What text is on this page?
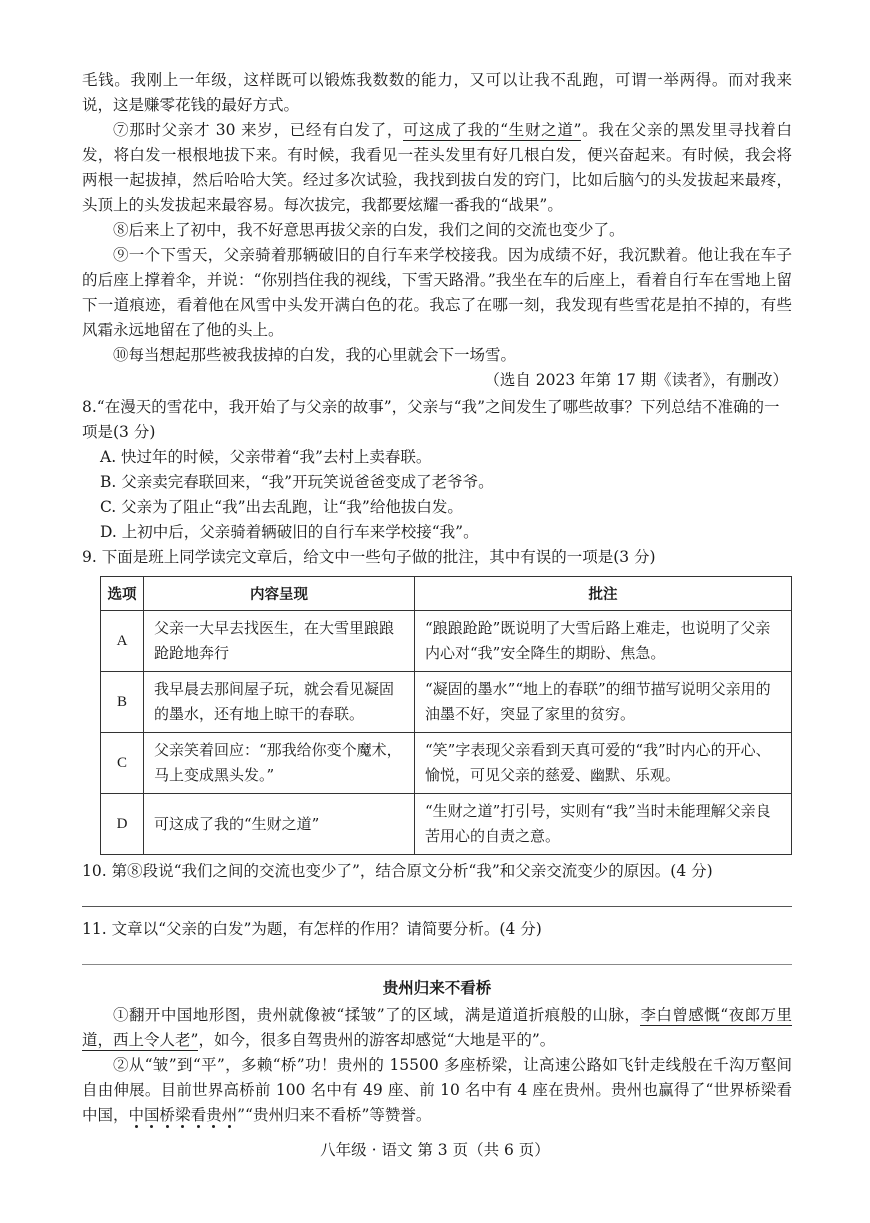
毛钱。我刚上一年级，这样既可以锻炼我数数的能力，又可以让我不乱跑，可谓一举两得。而对我来说，这是赚零花钱的最好方式。

⑦那时父亲才 30 来岁，已经有白发了，可这成了我的“生财之道”。我在父亲的黑发里寻找着白发，将白发一根根地拔下来。有时候，我看见一茬头发里有好几根白发，便兴奋起来。有时候，我会将两根一起拔掉，然后哈哈大笑。经过多次试验，我找到拔白发的窍门，比如后脑勺的头发拔起来最疼，头顶上的头发拔起来最容易。每次拔完，我都要炫耀一番我的“战果”。

⑧后来上了初中，我不好意思再拔父亲的白发，我们之间的交流也变少了。

⑨一个下雪天，父亲骑着那辆破旧的自行车来学校接我。因为成绩不好，我沉默着。他让我在车子的后座上撑着伞，并说：“你别挡住我的视线，下雪天路滑。”我坐在车的后座上，看着自行车在雪地上留下一道痕迹，看着他在风雪中头发开满白色的花。我忘了在哪一刻，我发现有些雪花是拍不掉的，有些风霜永远地留在了他的头上。

⑩每当想起那些被我拔掉的白发，我的心里就会下一场雪。

（选自 2023 年第 17 期《读者》，有删改）

8.“在漫天的雪花中，我开始了与父亲的故事”，父亲与“我”之间发生了哪些故事？下列总结不准确的一项是(3 分)

A. 快过年的时候，父亲带着“我”去村上卖春联。

B. 父亲卖完春联回来，“我”开玩笑说爸爸变成了老爷爷。

C. 父亲为了阻止“我”出去乱跑，让“我”给他拔白发。

D. 上初中后，父亲骑着辆破旧的自行车来学校接“我”。

9. 下面是班上同学读完文章后，给文中一些句子做的批注，其中有误的一项是(3 分)

选项	内容呈现	批注
A	父亲一大早去找医生，在大雪里踉踉跄跄地奔行	“踉踉跄跄”既说明了大雪后路上难走，也说明了父亲内心对“我”安全降生的期盼、焦急。
B	我早晨去那间屋子玩，就会看见凝固的墨水，还有地上晾干的春联。	“凝固的墨水”“地上的春联”的细节描写说明父亲用的油墨不好，突显了家里的贫穷。
C	父亲笑着回应：“那我给你变个魔术，马上变成黑头发。”	“笑”字表现父亲看到天真可爱的“我”时内心的开心、愉悦，可见父亲的慈爱、幽默、乐观。
D	可这成了我的“生财之道”	“生财之道”打引号，实则有“我”当时未能理解父亲良苦用心的自责之意。

10. 第⑧段说“我们之间的交流也变少了”，结合原文分析“我”和父亲交流变少的原因。(4 分)

11. 文章以“父亲的白发”为题，有怎样的作用？请简要分析。(4 分)

贵州归来不看桥

①翻开中国地形图，贵州就像被“揉皱”了的区域，满是道道折痕般的山脉，李白曾感慨“夜郎万里道，西上令人老”，如今，很多自驾贵州的游客却感觉“大地是平的”。

②从“皱”到“平”，多赖“桥”功！贵州的 15500 多座桥梁，让高速公路如飞针走线般在千沟万壑间自由伸展。目前世界高桥前 100 名中有 49 座、前 10 名中有 4 座在贵州。贵州也赢得了“世界桥梁看中国，中国桥梁看贵州”“贵州归来不看桥”等赞誉。

八年级 · 语文 第 3 页（共 6 页）
